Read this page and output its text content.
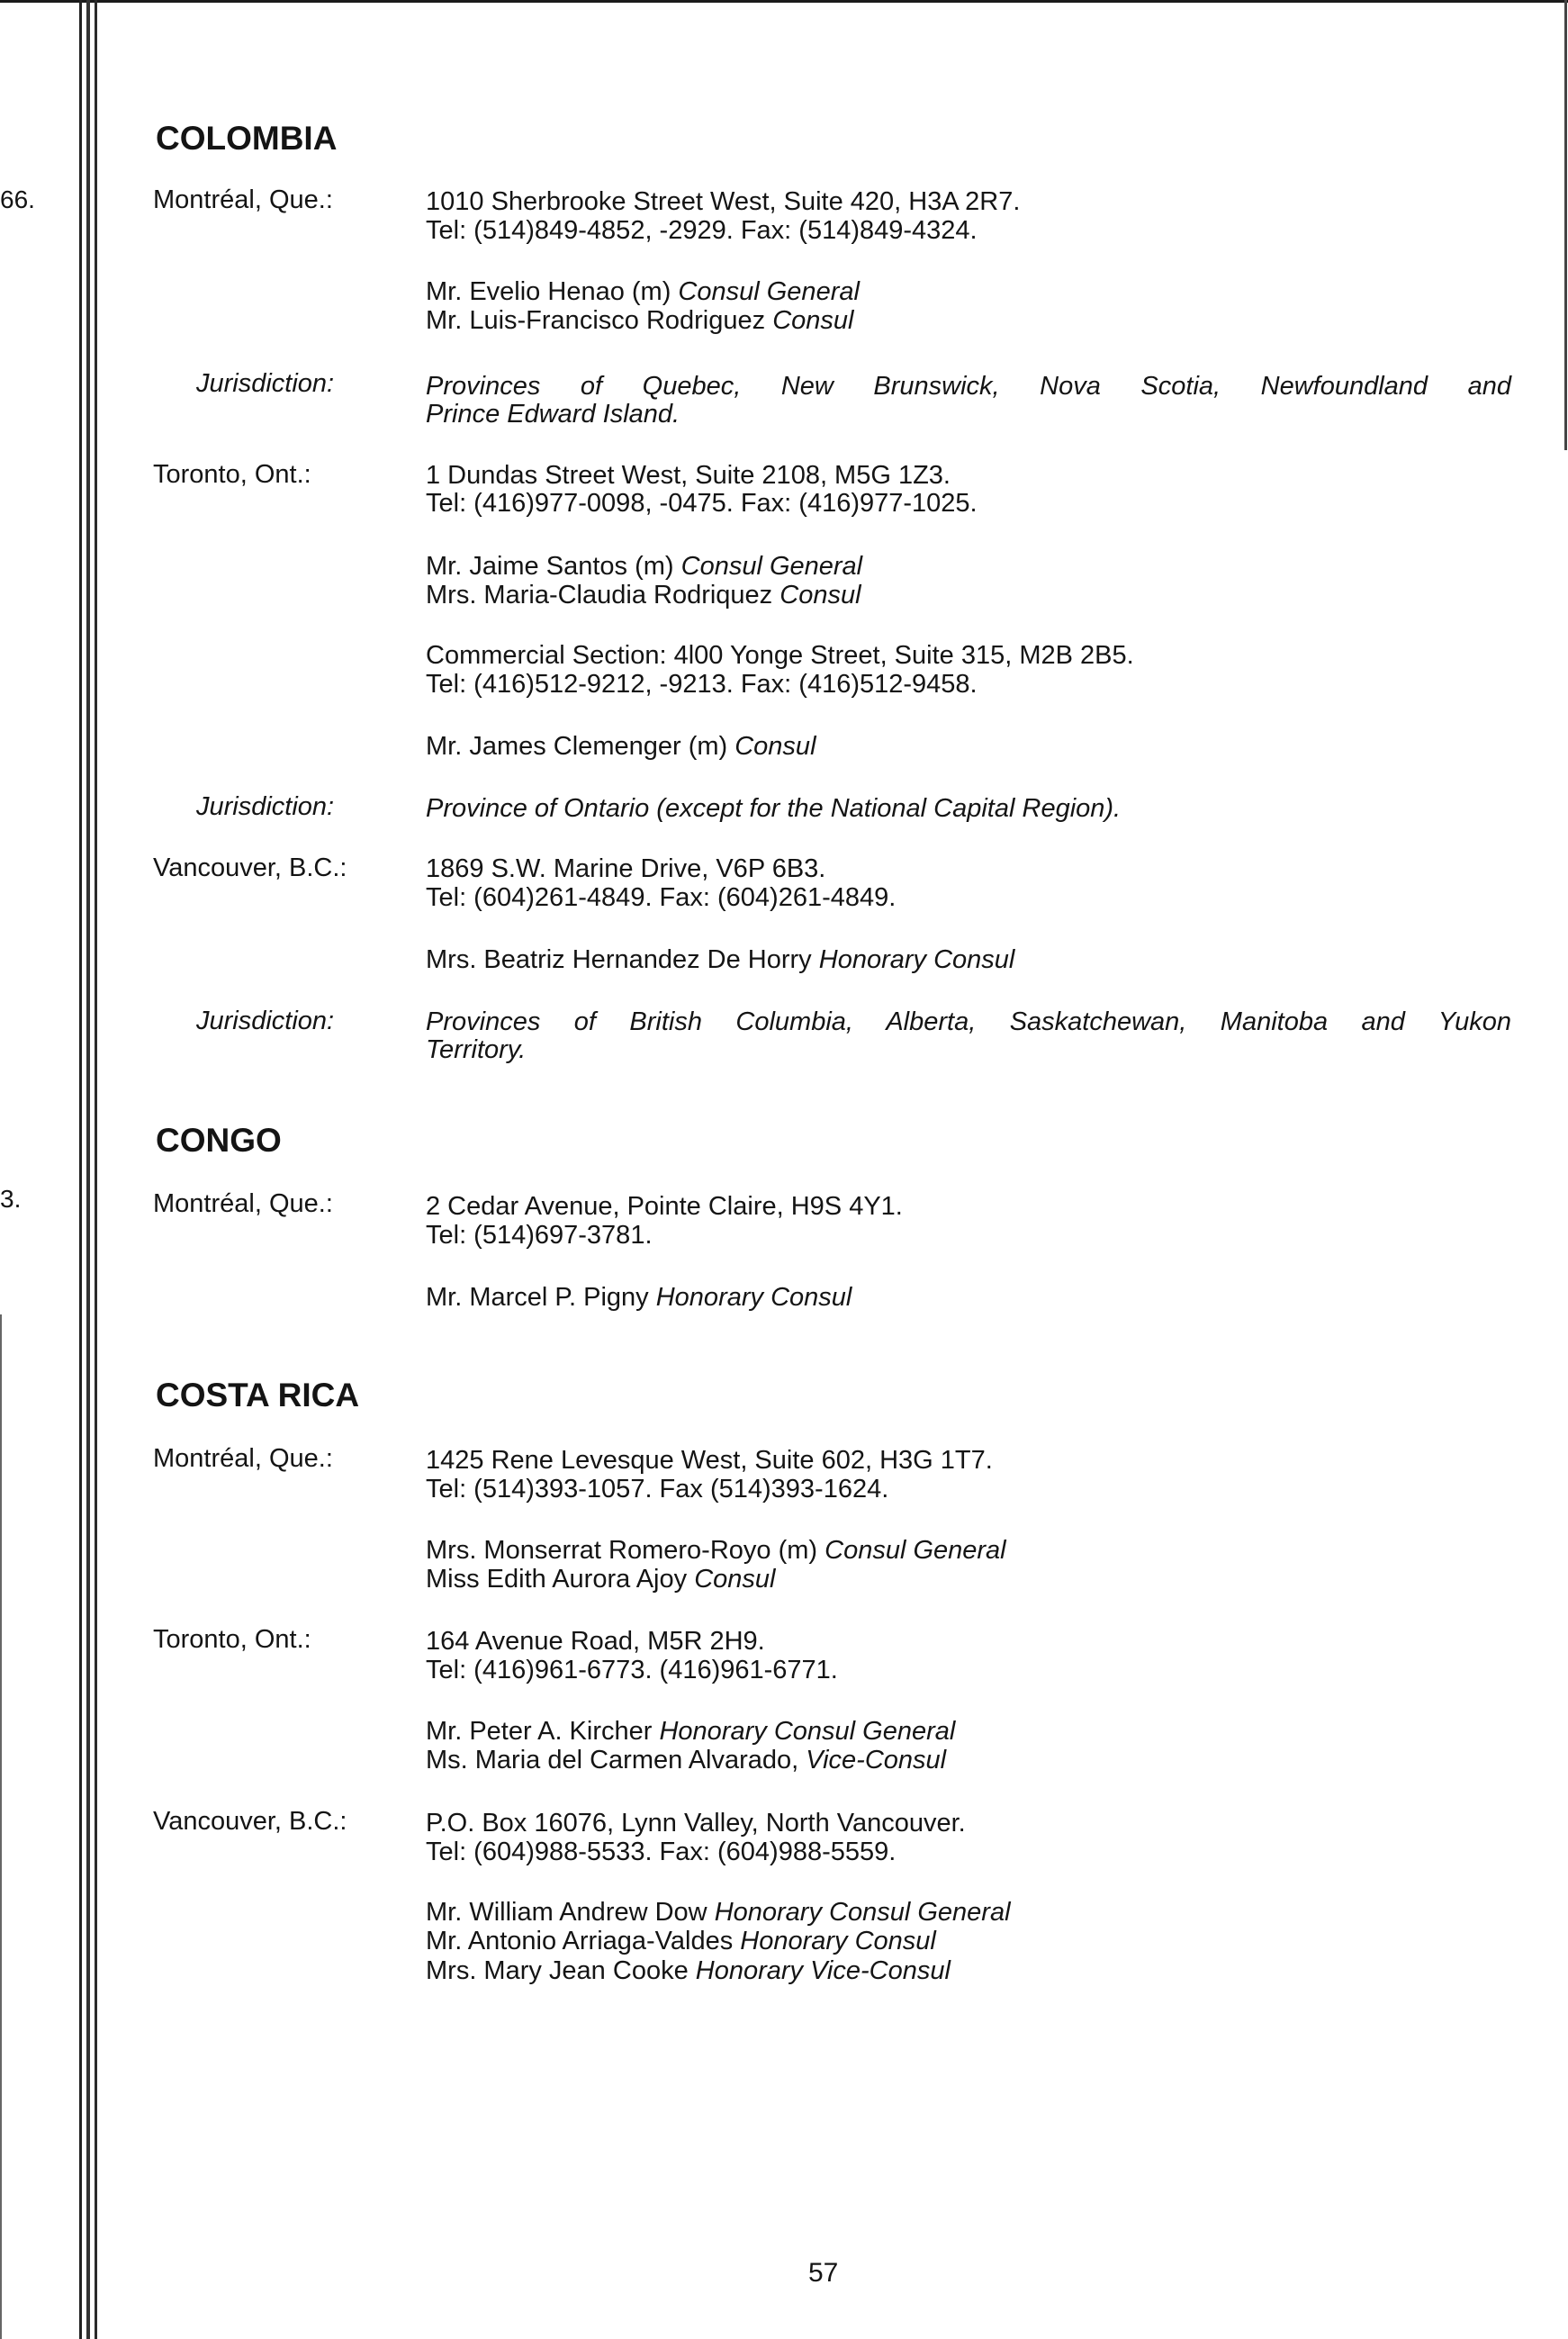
66.
3.
COLOMBIA
Montréal, Que.:	1010 Sherbrooke Street West, Suite 420, H3A 2R7.
Tel: (514)849-4852, -2929. Fax: (514)849-4324.
Mr. Evelio Henao (m) Consul General
Mr. Luis-Francisco Rodriguez Consul
Jurisdiction:	Provinces of Quebec, New Brunswick, Nova Scotia, Newfoundland and
Prince Edward Island.
Toronto, Ont.:	1 Dundas Street West, Suite 2108, M5G 1Z3.
Tel: (416)977-0098, -0475. Fax: (416)977-1025.
Mr. Jaime Santos (m) Consul General
Mrs. Maria-Claudia Rodriquez Consul
Commercial Section: 4l00 Yonge Street, Suite 315, M2B 2B5.
Tel: (416)512-9212, -9213. Fax: (416)512-9458.
Mr. James Clemenger (m) Consul
Jurisdiction:	Province of Ontario (except for the National Capital Region).
Vancouver, B.C.:	1869 S.W. Marine Drive, V6P 6B3.
Tel: (604)261-4849. Fax: (604)261-4849.
Mrs. Beatriz Hernandez De Horry Honorary Consul
Jurisdiction:	Provinces of British Columbia, Alberta, Saskatchewan, Manitoba and Yukon
Territory.
CONGO
Montréal, Que.:	2 Cedar Avenue, Pointe Claire, H9S 4Y1.
Tel: (514)697-3781.
Mr. Marcel P. Pigny Honorary Consul
COSTA RICA
Montréal, Que.:	1425 Rene Levesque West, Suite 602, H3G 1T7.
Tel: (514)393-1057. Fax (514)393-1624.
Mrs. Monserrat Romero-Royo (m) Consul General
Miss Edith Aurora Ajoy Consul
Toronto, Ont.:	164 Avenue Road, M5R 2H9.
Tel: (416)961-6773. (416)961-6771.
Mr. Peter A. Kircher Honorary Consul General
Ms. Maria del Carmen Alvarado, Vice-Consul
Vancouver, B.C.:	P.O. Box 16076, Lynn Valley, North Vancouver.
Tel: (604)988-5533. Fax: (604)988-5559.
Mr. William Andrew Dow Honorary Consul General
Mr. Antonio Arriaga-Valdes Honorary Consul
Mrs. Mary Jean Cooke Honorary Vice-Consul
57
